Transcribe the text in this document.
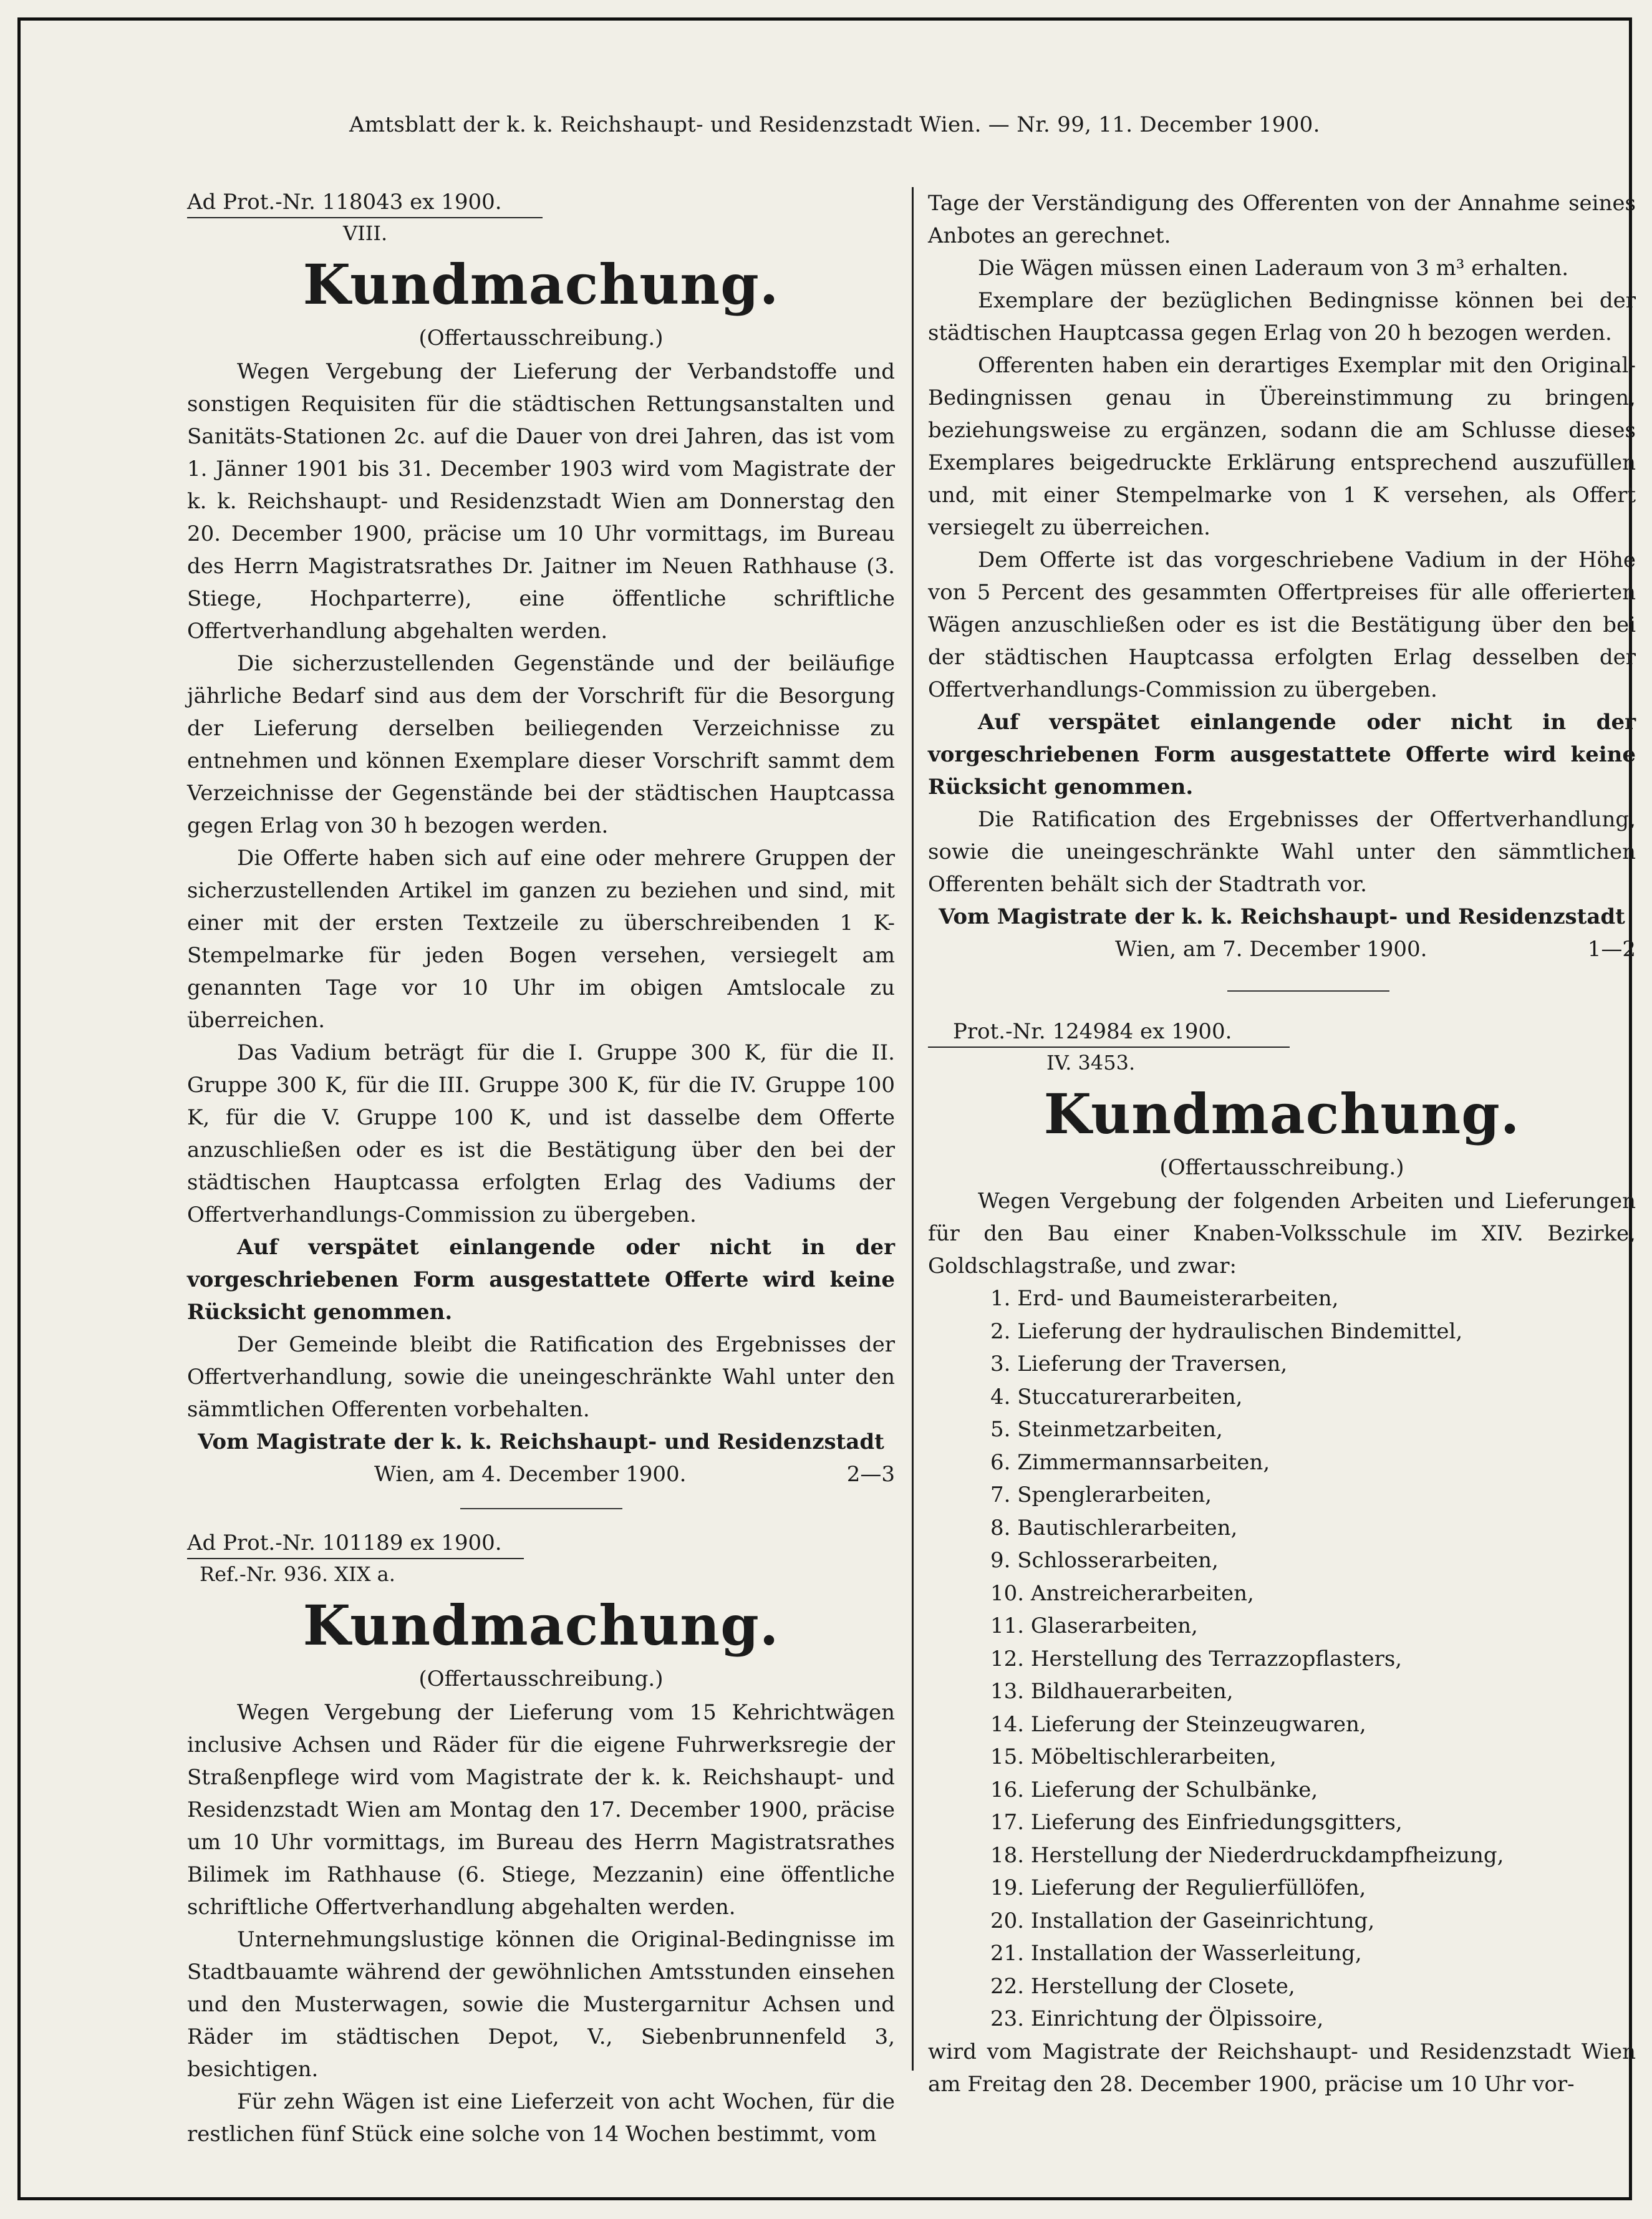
Amtsblatt der k. k. Reichshaupt- und Residenzstadt Wien. — Nr. 99, 11. December 1900.
Ad Prot.-Nr. 118043 ex 1900.
VIII.
Kundmachung.
(Offertausschreibung.)

Wegen Vergebung der Lieferung der Verbandstoffe und sonstigen Requisiten für die städtischen Rettungsanstalten und Sanitäts-Stationen 2c. auf die Dauer von drei Jahren, das ist vom 1. Jänner 1901 bis 31. December 1903 wird vom Magistrate der k. k. Reichshaupt- und Residenzstadt Wien am Donnerstag den 20. December 1900, präcise um 10 Uhr vormittags, im Bureau des Herrn Magistratsrathes Dr. Jaitner im Neuen Rathhause (3. Stiege, Hochparterre), eine öffentliche schriftliche Offertverhandlung abgehalten werden.

Die sicherzustellenden Gegenstände und der beiläufige jährliche Bedarf sind aus dem der Vorschrift für die Besorgung der Lieferung derselben beiliegenden Verzeichnisse zu entnehmen und können Exemplare dieser Vorschrift sammt dem Verzeichnisse der Gegenstände bei der städtischen Hauptcassa gegen Erlag von 30 h bezogen werden.

Die Offerte haben sich auf eine oder mehrere Gruppen der sicherzustellenden Artikel im ganzen zu beziehen und sind, mit einer mit der ersten Textzeile zu überschreibenden 1 K-Stempelmarke für jeden Bogen versehen, versiegelt am genannten Tage vor 10 Uhr im obigen Amtslocale zu überreichen.

Das Vadium beträgt für die I. Gruppe 300 K, für die II. Gruppe 300 K, für die III. Gruppe 300 K, für die IV. Gruppe 100 K, für die V. Gruppe 100 K, und ist dasselbe dem Offerte anzuschließen oder es ist die Bestätigung über den bei der städtischen Hauptcassa erfolgten Erlag des Vadiums der Offertverhandlungs-Commission zu übergeben.

Auf verspätet einlangende oder nicht in der vorgeschriebenen Form ausgestattete Offerte wird keine Rücksicht genommen.

Der Gemeinde bleibt die Ratification des Ergebnisses der Offertverhandlung, sowie die uneingeschränkte Wahl unter den sämmtlichen Offerenten vorbehalten.

Vom Magistrate der k. k. Reichshaupt- und Residenzstadt

Wien, am 4. December 1900.	2—3
Ad Prot.-Nr. 101189 ex 1900.
Ref.-Nr. 936. XIX a.
Kundmachung.
(Offertausschreibung.)

Wegen Vergebung der Lieferung vom 15 Kehrichtwägen inclusive Achsen und Räder für die eigene Fuhrwerksregie der Straßenpflege wird vom Magistrate der k. k. Reichshaupt- und Residenzstadt Wien am Montag den 17. December 1900, präcise um 10 Uhr vormittags, im Bureau des Herrn Magistratsrathes Bilimek im Rathhause (6. Stiege, Mezzanin) eine öffentliche schriftliche Offertverhandlung abgehalten werden.

Unternehmungslustige können die Original-Bedingnisse im Stadtbauamte während der gewöhnlichen Amtsstunden einsehen und den Musterwagen, sowie die Mustergarnitur Achsen und Räder im städtischen Depot, V., Siebenbrunnenfeld 3, besichtigen.

Für zehn Wägen ist eine Lieferzeit von acht Wochen, für die restlichen fünf Stück eine solche von 14 Wochen bestimmt, vom

Tage der Verständigung des Offerenten von der Annahme seines Anbotes an gerechnet.

Die Wägen müssen einen Laderaum von 3 m³ erhalten.

Exemplare der bezüglichen Bedingnisse können bei der städtischen Hauptcassa gegen Erlag von 20 h bezogen werden.

Offerenten haben ein derartiges Exemplar mit den Original-Bedingnissen genau in Übereinstimmung zu bringen, beziehungsweise zu ergänzen, sodann die am Schlusse dieses Exemplares beigedruckte Erklärung entsprechend auszufüllen und, mit einer Stempelmarke von 1 K versehen, als Offert versiegelt zu überreichen.

Dem Offerte ist das vorgeschriebene Vadium in der Höhe von 5 Percent des gesammten Offertpreises für alle offerierten Wägen anzuschließen oder es ist die Bestätigung über den bei der städtischen Hauptcassa erfolgten Erlag desselben der Offertverhandlungs-Commission zu übergeben.

Auf verspätet einlangende oder nicht in der vorgeschriebenen Form ausgestattete Offerte wird keine Rücksicht genommen.

Die Ratification des Ergebnisses der Offertverhandlung, sowie die uneingeschränkte Wahl unter den sämmtlichen Offerenten behält sich der Stadtrath vor.

Vom Magistrate der k. k. Reichshaupt- und Residenzstadt

Wien, am 7. December 1900.	1—2
Prot.-Nr. 124984 ex 1900.
IV. 3453.
Kundmachung.
(Offertausschreibung.)

Wegen Vergebung der folgenden Arbeiten und Lieferungen für den Bau einer Knaben-Volksschule im XIV. Bezirke, Goldschlagstraße, und zwar:

1. Erd- und Baumeisterarbeiten,
2. Lieferung der hydraulischen Bindemittel,
3. Lieferung der Traversen,
4. Stuccaturerarbeiten,
5. Steinmetzarbeiten,
6. Zimmermannsarbeiten,
7. Spenglerarbeiten,
8. Bautischlerarbeiten,
9. Schlosserarbeiten,
10. Anstreicherarbeiten,
11. Glaserarbeiten,
12. Herstellung des Terrazzopflasters,
13. Bildhauerarbeiten,
14. Lieferung der Steinzeugwaren,
15. Möbeltischlerarbeiten,
16. Lieferung der Schulbänke,
17. Lieferung des Einfriedungsgitters,
18. Herstellung der Niederdruckdampfheizung,
19. Lieferung der Regulierfüllöfen,
20. Installation der Gaseinrichtung,
21. Installation der Wasserleitung,
22. Herstellung der Closete,
23. Einrichtung der Ölpissoire,

wird vom Magistrate der Reichshaupt- und Residenzstadt Wien am Freitag den 28. December 1900, präcise um 10 Uhr vor-
